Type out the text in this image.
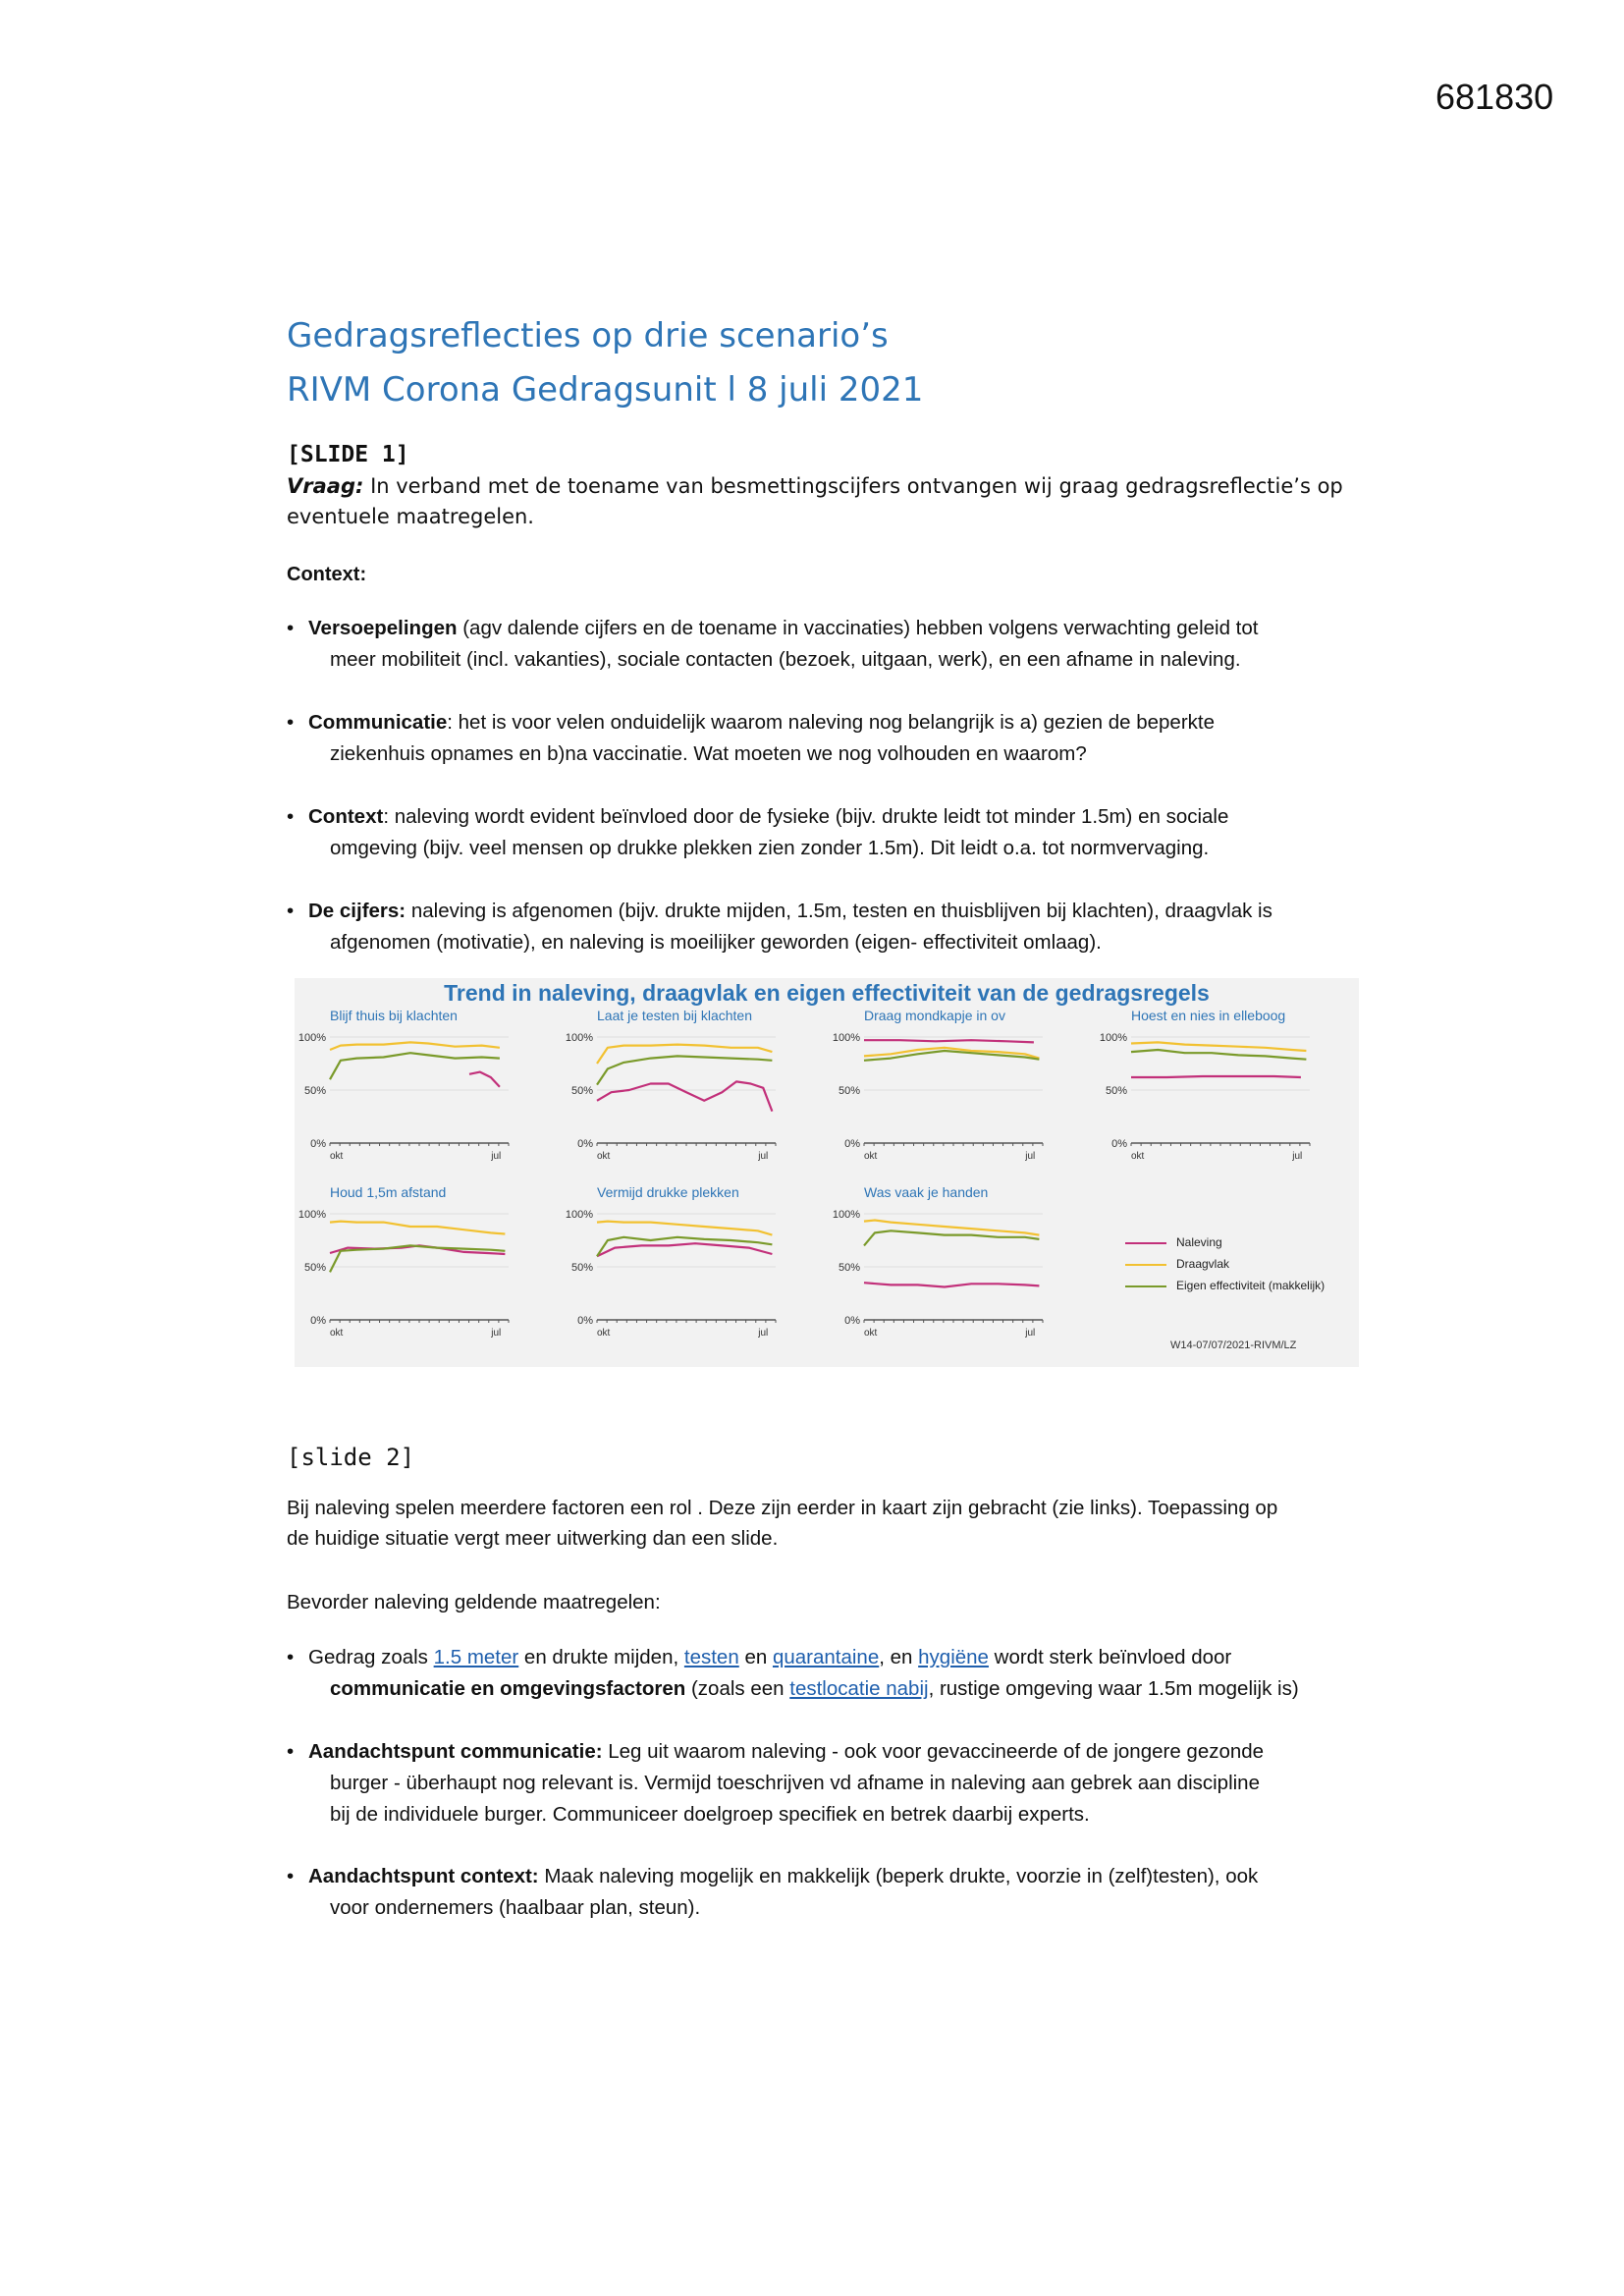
681830
Gedragsreflecties op drie scenario’s
RIVM Corona Gedragsunit l 8 juli 2021
[SLIDE 1]
Vraag: In verband met de toename van besmettingscijfers ontvangen wij graag gedragsreflectie’s op eventuele maatregelen.
Context:
• Versoepelingen (agv dalende cijfers en de toename in vaccinaties) hebben volgens verwachting geleid tot
meer mobiliteit (incl. vakanties), sociale contacten (bezoek, uitgaan, werk), en een afname in naleving.
• Communicatie: het is voor velen onduidelijk waarom naleving nog belangrijk is a) gezien de beperkte
ziekenhuis opnames en b)na vaccinatie. Wat moeten we nog volhouden en waarom?
• Context: naleving wordt evident beïnvloed door de fysieke (bijv. drukte leidt tot minder 1.5m) en sociale
omgeving (bijv. veel mensen op drukke plekken zien zonder 1.5m). Dit leidt o.a. tot normvervaging.
• De cijfers: naleving is afgenomen (bijv. drukte mijden, 1.5m, testen en thuisblijven bij klachten), draagvlak is
afgenomen (motivatie), en naleving is moeilijker geworden (eigen- effectiviteit omlaag).
Trend in naleving, draagvlak en eigen effectiviteit van de gedragsregels
Blijf thuis bij klachten
100%
50%
0%
okt	jul
Laat je testen bij klachten
100%
50%
0%
okt	jul
Draag mondkapje in ov
100%
50%
0%
okt	jul
Hoest en nies in elleboog
100%
50%
0%
okt	jul
Houd 1,5m afstand
100%
50%
0%
okt	jul
Vermijd drukke plekken
100%
50%
0%
okt	jul
Was vaak je handen
100%
50%
0%
okt	jul
Naleving
Draagvlak
Eigen effectiviteit (makkelijk)
W14-07/07/2021-RIVM/LZ
[slide 2]
Bij naleving spelen meerdere factoren een rol . Deze zijn eerder in kaart zijn gebracht (zie links). Toepassing op
de huidige situatie vergt meer uitwerking dan een slide.
Bevorder naleving geldende maatregelen:
• Gedrag zoals 1.5 meter en drukte mijden, testen en quarantaine, en hygiëne wordt sterk beïnvloed door
communicatie en omgevingsfactoren (zoals een testlocatie nabij, rustige omgeving waar 1.5m mogelijk is)
• Aandachtspunt communicatie: Leg uit waarom naleving - ook voor gevaccineerde of de jongere gezonde
burger - überhaupt nog relevant is. Vermijd toeschrijven vd afname in naleving aan gebrek aan discipline
bij de individuele burger. Communiceer doelgroep specifiek en betrek daarbij experts.
• Aandachtspunt context: Maak naleving mogelijk en makkelijk (beperk drukte, voorzie in (zelf)testen), ook
voor ondernemers (haalbaar plan, steun).
